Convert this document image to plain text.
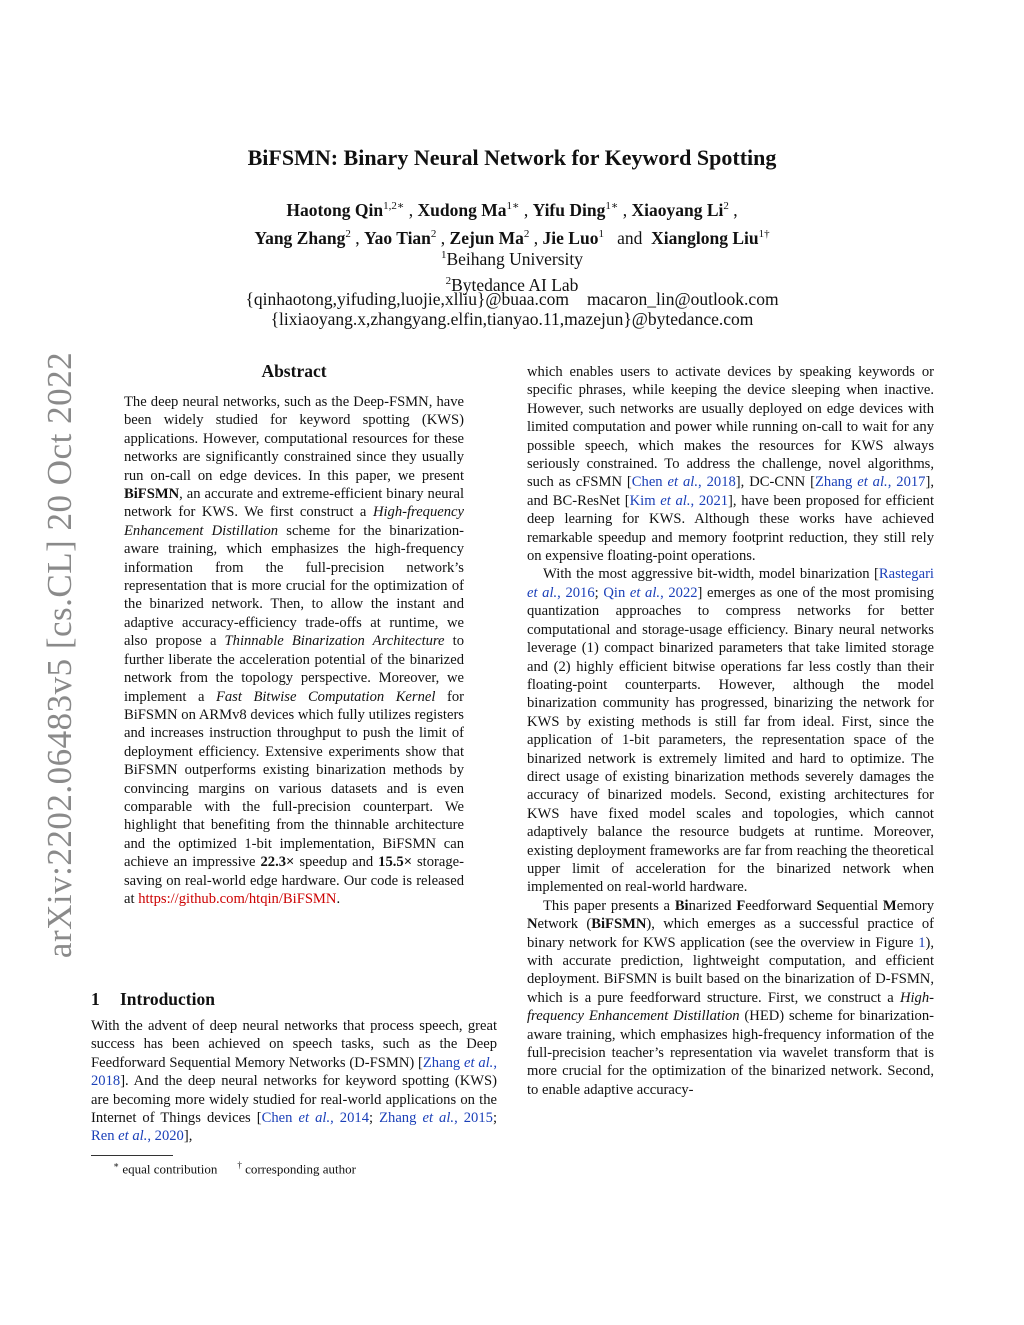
arXiv:2202.06483v5 [cs.CL] 20 Oct 2022
BiFSMN: Binary Neural Network for Keyword Spotting
Haotong Qin$^{1,2∗}$ , Xudong $Ma^{1∗}$ , Yifu Ding$^{1∗}$ , Xiaoyang Li$^2$ ,
Yang Zhang$^2$ , Yao Tian$^2$ , Zejun Ma$^2$ , Jie Luo$^1$ and Xianglong Liu$^{1\dagger}$
$^1$Beihang University
$^2$Bytedance AI Lab
{qinhaotong,yifuding,luojie,xlliu}@buaa.com macaron_lin@outlook.com
{lixiaoyang.x,zhangyang.elfin,tianyao.11,mazejun}@bytedance.com
Abstract

The deep neural networks, such as the Deep-FSMN, have been widely studied for keyword spotting (KWS) applications. However, computational resources for these networks are significantly constrained since they usually run on-call on edge devices. In this paper, we present BiFSMN, an accurate and extreme-efficient binary neural network for KWS. We first construct a High-frequency Enhancement Distillation scheme for the binarization-aware training, which emphasizes the high-frequency information from the full-precision network’s representation that is more crucial for the optimization of the binarized network. Then, to allow the instant and adaptive accuracy-efficiency trade-offs at runtime, we also propose a Thinnable Binarization Architecture to further liberate the acceleration potential of the binarized network from the topology perspective. Moreover, we implement a Fast Bitwise Computation Kernel for BiFSMN on ARMv8 devices which fully utilizes registers and increases instruction throughput to push the limit of deployment efficiency. Extensive experiments show that BiFSMN outperforms existing binarization methods by convincing margins on various datasets and is even comparable with the full-precision counterpart. We highlight that benefiting from the thinnable architecture and the optimized 1-bit implementation, BiFSMN can achieve an impressive 22.3× speedup and 15.5× storage-saving on real-world edge hardware. Our code is released at https://github.com/htqin/BiFSMN.

1 Introduction

With the advent of deep neural networks that process speech, great success has been achieved on speech tasks, such as the Deep Feedforward Sequential Memory Networks (D-FSMN) [Zhang et al., 2018]. And the deep neural networks for keyword spotting (KWS) are becoming more widely studied for real-world applications on the Internet of Things devices [Chen et al., 2014; Zhang et al., 2015; Ren et al., 2020],

∗ equal contribution † corresponding author

which enables users to activate devices by speaking keywords or specific phrases, while keeping the device sleeping when inactive. However, such networks are usually deployed on edge devices with limited computation and power while running on-call to wait for any possible speech, which makes the resources for KWS always seriously constrained. To address the challenge, novel algorithms, such as cFSMN [Chen et al., 2018], DC-CNN [Zhang et al., 2017], and BC-ResNet [Kim et al., 2021], have been proposed for efficient deep learning for KWS. Although these works have achieved remarkable speedup and memory footprint reduction, they still rely on expensive floating-point operations.

With the most aggressive bit-width, model binarization [Rastegari et al., 2016; Qin et al., 2022] emerges as one of the most promising quantization approaches to compress networks for better computational and storage-usage efficiency. Binary neural networks leverage (1) compact binarized parameters that take limited storage and (2) highly efficient bitwise operations far less costly than their floating-point counterparts. However, although the model binarization community has progressed, binarizing the network for KWS by existing methods is still far from ideal. First, since the application of 1-bit parameters, the representation space of the binarized network is extremely limited and hard to optimize. The direct usage of existing binarization methods severely damages the accuracy of binarized models. Second, existing architectures for KWS have fixed model scales and topologies, which cannot adaptively balance the resource budgets at runtime. Moreover, existing deployment frameworks are far from reaching the theoretical upper limit of acceleration for the binarized network when implemented on real-world hardware.

This paper presents a Binarized Feedforward Sequential Memory Network (BiFSMN), which emerges as a successful practice of binary network for KWS application (see the overview in Figure 1), with accurate prediction, lightweight computation, and efficient deployment. BiFSMN is built based on the binarization of D-FSMN, which is a pure feedforward structure. First, we construct a High-frequency Enhancement Distillation (HED) scheme for binarization-aware training, which emphasizes high-frequency information of the full-precision teacher’s representation via wavelet transform that is more crucial for the optimization of the binarized network. Second, to enable adaptive accuracy-
